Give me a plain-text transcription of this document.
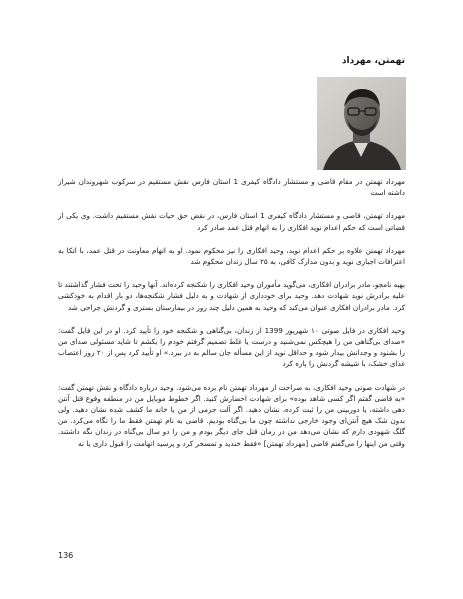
تهمتن، مهرداد

مهرداد تهمتن در مقام قاضی و مستشار دادگاه کیفری 1 استان فارس نقش مستقیم در سرکوب شهروندان شیراز داشته است

مهرداد تهمتن، قاضی و مستشار دادگاه کیفری 1 استان فارس، در نقض حق حیات نقش مستقیم داشت. وی یکی از قضاتی است که حکم اعدام نوید افکاری را به اتهام قتل عمد صادر کرد

مهرداد تهمتن علاوه بر حکم اعدام نوید، وحید افکاری را نیز محکوم نمود. او به اتهام معاونت در قتل عمد، با اتکا به اعترافات اجباری نوید و بدون مدارک کافی، به ۲۵ سال زندان محکوم شد

بهیه نامجو، مادر برادران افکاری، می‌گوید مأموران وحید افکاری را شکنجه کرده‌اند. آنها وحید را تحت فشار گذاشتند تا علیه برادرش نوید شهادت دهد. وحید برای خودداری از شهادت و به دلیل فشار شکنجه‌ها، دو بار اقدام به خودکشی کرد. مادر برادران افکاری عنوان می‌کند که وحید به همین دلیل چند روز در بیمارستان بستری و گردنش جراحی شد

وحید افکاری در فایل صوتی ۱۰ شهریور 1399 از زندان، بی‌گناهی و شکنجه خود را تأیید کرد. او در این فایل گفت: «صدای بی‌گناهی من را هیچکس نمی‌شنید و درست یا غلط تصمیم گرفتم خودم را بکشم تا شاید مسئولی صدای من را بشنود و وجدانش بیدار شود و حداقل نوید از این مسأله جان سالم به در ببرد.» او تأیید کرد پس از ۲۰ روز اعتصاب غذای خشک، با شیشه گردنش را پاره کرد

در شهادت صوتی وحید افکاری، به صراحت از مهرداد تهمتن نام برده می‌شود. وحید درباره دادگاه و نقش تهمتن گفت: «به قاضی گفتم اگر کسی شاهد بوده» برای شهادت احضارش کنید. اگر خطوط موبایل من در منطقه وقوع قتل آنتن دهی داشته، یا دوربینی من را ثبت کرده، نشان دهید. اگر آلت جرمی از من یا خانه ما کشف شده نشان دهید. ولی بدون شک هیچ آنتن‌ای وجود خارجی نداشته چون ما بی‌گناه بودیم. قاضی به نام تهمتن فقط ما را نگاه می‌کرد. من گلگ شهودی دارم که نشان می‌دهد من در زمان قتل جای دیگر بودم و من را دو سال بی‌گناه در زندان نگه داشتند. وقتی من اینها را می‌گفتم قاضی [مهرداد تهمتن] «فقط خندید و تمسخر کرد و پرسید اتهامت را قبول داری یا نه

136
